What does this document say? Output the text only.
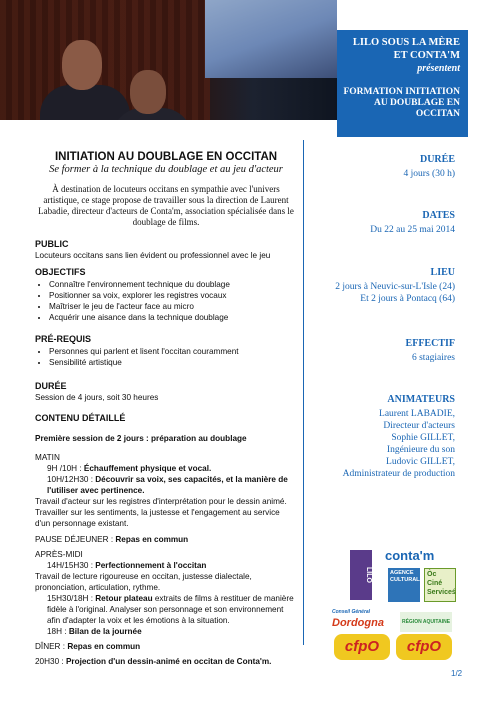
LILO SOUS LA MÈRE ET CONTA'M
présentent
FORMATION INITIATION AU DOUBLAGE EN OCCITAN
INITIATION AU DOUBLAGE EN OCCITAN
Se former à la technique du doublage et au jeu d'acteur
À destination de locuteurs occitans en sympathie avec l'univers artistique, ce stage propose de travailler sous la direction de Laurent Labadie, directeur d'acteurs de Conta'm, association spécialisée dans le doublage de films.
PUBLIC
Locuteurs occitans sans lien évident ou professionnel avec le jeu
OBJECTIFS
• Connaître l'environnement technique du doublage
• Positionner sa voix, explorer les registres vocaux
• Maîtriser le jeu de l'acteur face au micro
• Acquérir une aisance dans la technique doublage
PRÉ-REQUIS
• Personnes qui parlent et lisent l'occitan couramment
• Sensibilité artistique
DURÉE
Session de 4 jours, soit 30 heures
CONTENU DÉTAILLÉ
Première session de 2 jours : préparation au doublage
MATIN
9H /10H : Échauffement physique et vocal.
10H/12H30 : Découvrir sa voix, ses capacités, et la manière de l'utiliser avec pertinence.
Travail d'acteur sur les registres d'interprétation pour le dessin animé. Travailler sur les sentiments, la justesse et l'engagement au service d'un personnage existant.
PAUSE DÉJEUNER : Repas en commun
APRÈS-MIDI
14H/15H30 : Perfectionnement à l'occitan
Travail de lecture rigoureuse en occitan, justesse dialectale, prononciation, articulation, rythme.
15H30/18H : Retour plateau extraits de films à restituer de manière fidèle à l'original. Analyser son personnage et son environnement afin d'adapter la voix et les émotions à la situation.
18H : Bilan de la journée
DÎNER : Repas en commun
20H30 : Projection d'un dessin-animé en occitan de Conta'm.
DURÉE
4 jours (30 h)
DATES
Du 22 au 25 mai 2014
LIEU
2 jours à Neuvic-sur-L'Isle (24)
Et 2 jours à Pontacq (64)
EFFECTIF
6 stagiaires
ANIMATEURS
Laurent LABADIE,
Directeur d'acteurs
Sophie GILLET,
Ingénieure du son
Ludovic GILLET,
Administrateur de production
LILO
conta'm
AGENCE CULTURALA
Òc
Ciné
Serviceś
Conseil Général
Dordogna	RÉGION AQUITAINE
cfpO	cfpO
1/2
